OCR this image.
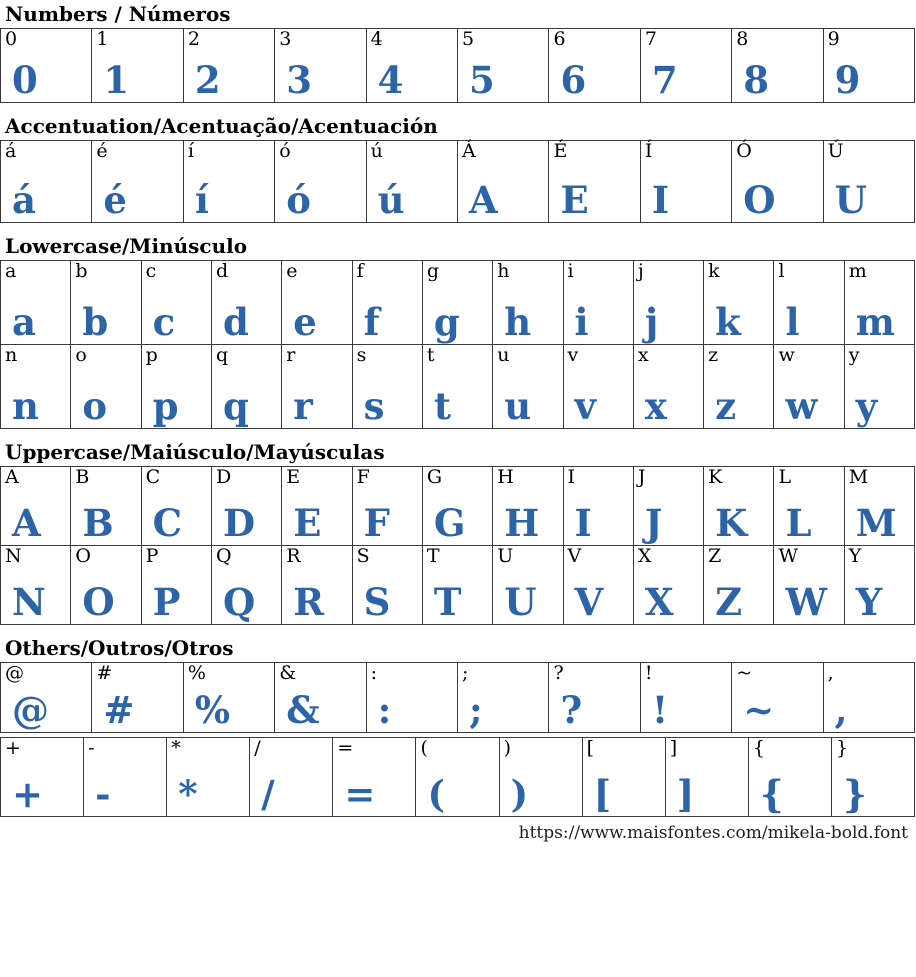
Numbers / Números
0
0
1
1
2
2
3
3
4
4
5
5
6
6
7
7
8
8
9
9
Accentuation/Acentuação/Acentuación
á
á
é
é
í
í
ó
ó
ú
ú
Á
A
É
E
Í
I
Ó
O
Ú
U
Lowercase/Minúsculo
a
a
b
b
c
c
d
d
e
e
f
f
g
g
h
h
i
i
j
j
k
k
l
l
m
m
n
n
o
o
p
p
q
q
r
r
s
s
t
t
u
u
v
v
x
x
z
z
w
w
y
y
Uppercase/Maiúsculo/Mayúsculas
A
A
B
B
C
C
D
D
E
E
F
F
G
G
H
H
I
I
J
J
K
K
L
L
M
M
N
N
O
O
P
P
Q
Q
R
R
S
S
T
T
U
U
V
V
X
X
Z
Z
W
W
Y
Y
Others/Outros/Otros
@
@
#
#
%
%
&
&
:
:
;
;
?
?
!
!
~
~
,
,
+
+
-
-
*
*
/
/
=
=
(
(
)
)
[
[
]
]
{
{
}
}
https://www.maisfontes.com/mikela-bold.font
